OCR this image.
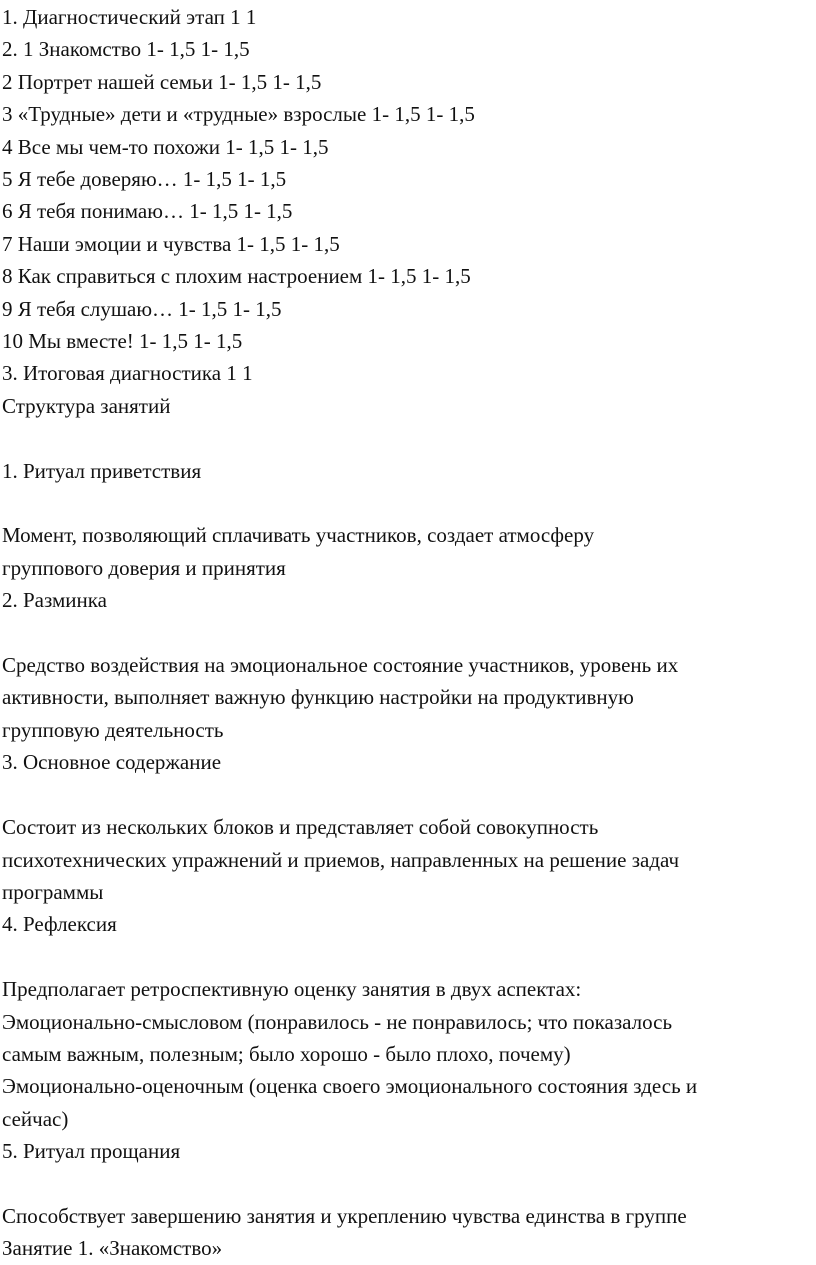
1. Диагностический этап 1 1
2. 1 Знакомство 1- 1,5 1- 1,5
2 Портрет нашей семьи 1- 1,5 1- 1,5
3 «Трудные» дети и «трудные» взрослые 1- 1,5 1- 1,5
4 Все мы чем-то похожи 1- 1,5 1- 1,5
5 Я тебе доверяю… 1- 1,5 1- 1,5
6 Я тебя понимаю… 1- 1,5 1- 1,5
7 Наши эмоции и чувства 1- 1,5 1- 1,5
8 Как справиться с плохим настроением 1- 1,5 1- 1,5
9 Я тебя слушаю… 1- 1,5 1- 1,5
10 Мы вместе! 1- 1,5 1- 1,5
3. Итоговая диагностика 1 1
Структура занятий
1. Ритуал приветствия
Момент, позволяющий сплачивать участников, создает атмосферу
группового доверия и принятия
2. Разминка
Средство воздействия на эмоциональное состояние участников, уровень их
активности, выполняет важную функцию настройки на продуктивную
групповую деятельность
3. Основное содержание
Состоит из нескольких блоков и представляет собой совокупность
психотехнических упражнений и приемов, направленных на решение задач
программы
4. Рефлексия
Предполагает ретроспективную оценку занятия в двух аспектах:
Эмоционально-смысловом (понравилось - не понравилось; что показалось
самым важным, полезным; было хорошо - было плохо, почему)
Эмоционально-оценочным (оценка своего эмоционального состояния здесь и
сейчас)
5. Ритуал прощания
Способствует завершению занятия и укреплению чувства единства в группе
Занятие 1. «Знакомство»
